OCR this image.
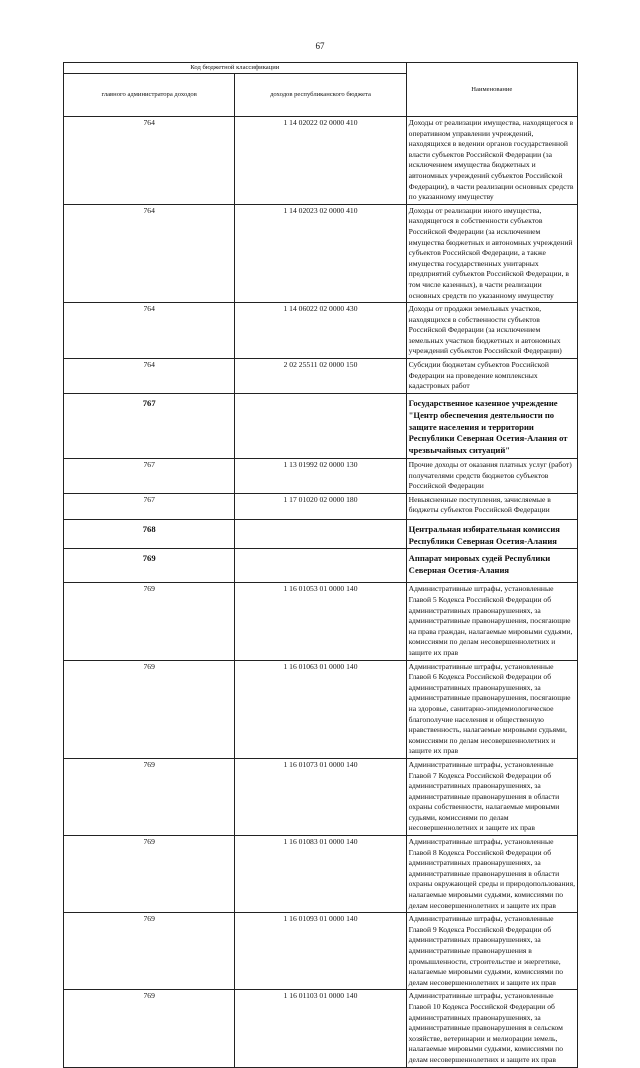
67
Код бюджетной классификации		Наименование
главного администратора доходов	доходов республиканского бюджета	
764	1 14 02022 02 0000 410	Доходы от реализации имущества, находящегося в оперативном управлении учреждений, находящихся в ведении органов государственной власти субъектов Российской Федерации (за исключением имущества бюджетных и автономных учреждений субъектов Российской Федерации), в части реализации основных средств по указанному имуществу
764	1 14 02023 02 0000 410	Доходы от реализации иного имущества, находящегося в собственности субъектов Российской Федерации (за исключением имущества бюджетных и автономных учреждений субъектов Российской Федерации, а также имущества государственных унитарных предприятий субъектов Российской Федерации, в том числе казенных), в части реализации основных средств по указанному имуществу
764	1 14 06022 02 0000 430	Доходы от продажи земельных участков, находящихся в собственности субъектов Российской Федерации (за исключением земельных участков бюджетных и автономных учреждений субъектов Российской Федерации)
764	2 02 25511 02 0000 150	Субсидии бюджетам субъектов Российской Федерации на проведение комплексных кадастровых работ
767		Государственное казенное учреждение "Центр обеспечения деятельности по защите населения и территории Республики Северная Осетия-Алания от чрезвычайных ситуаций"
767	1 13 01992 02 0000 130	Прочие доходы от оказания платных услуг (работ) получателями средств бюджетов субъектов Российской Федерации
767	1 17 01020 02 0000 180	Невыясненные поступления, зачисляемые в бюджеты субъектов Российской Федерации
768		Центральная избирательная комиссия Республики Северная Осетия-Алания
769		Аппарат мировых судей Республики Северная Осетия-Алания
769	1 16 01053 01 0000 140	Административные штрафы, установленные Главой 5 Кодекса Российской Федерации об административных правонарушениях, за административные правонарушения, посягающие на права граждан, налагаемые мировыми судьями, комиссиями по делам несовершеннолетних и защите их прав
769	1 16 01063 01 0000 140	Административные штрафы, установленные Главой 6 Кодекса Российской Федерации об административных правонарушениях, за административные правонарушения, посягающие на здоровье, санитарно-эпидемиологическое благополучие населения и общественную нравственность, налагаемые мировыми судьями, комиссиями по делам несовершеннолетних и защите их прав
769	1 16 01073 01 0000 140	Административные штрафы, установленные Главой 7 Кодекса Российской Федерации об административных правонарушениях, за административные правонарушения в области охраны собственности, налагаемые мировыми судьями, комиссиями по делам несовершеннолетних и защите их прав
769	1 16 01083 01 0000 140	Административные штрафы, установленные Главой 8 Кодекса Российской Федерации об административных правонарушениях, за административные правонарушения в области охраны окружающей среды и природопользования, налагаемые мировыми судьями, комиссиями по делам несовершеннолетних и защите их прав
769	1 16 01093 01 0000 140	Административные штрафы, установленные Главой 9 Кодекса Российской Федерации об административных правонарушениях, за административные правонарушения в промышленности, строительстве и энергетике, налагаемые мировыми судьями, комиссиями по делам несовершеннолетних и защите их прав
769	1 16 01103 01 0000 140	Административные штрафы, установленные Главой 10 Кодекса Российской Федерации об административных правонарушениях, за административные правонарушения в сельском хозяйстве, ветеринарии и мелиорации земель, налагаемые мировыми судьями, комиссиями по делам несовершеннолетних и защите их прав
